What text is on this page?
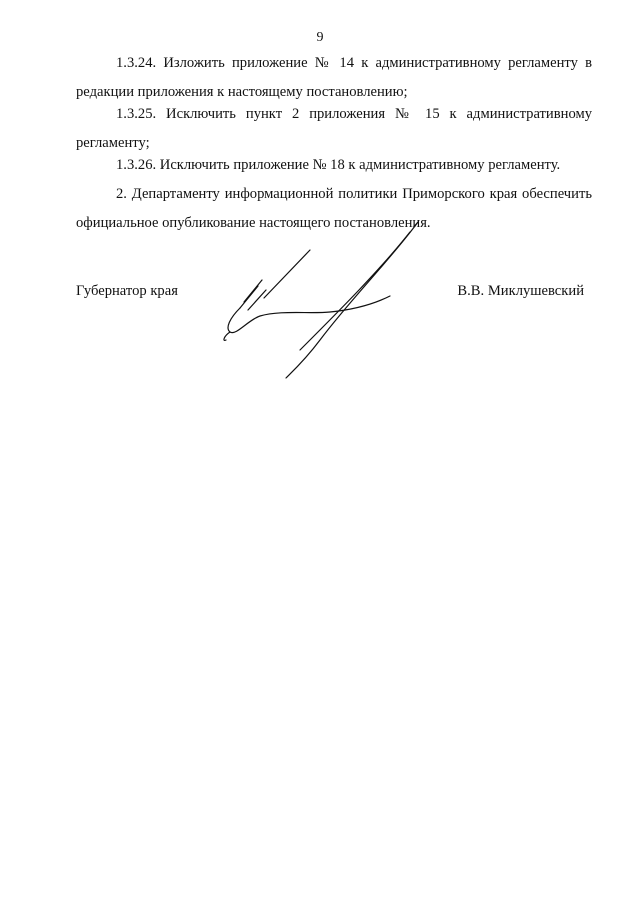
9

1.3.24. Изложить приложение № 14 к административному регламенту в редакции приложения к настоящему постановлению;

1.3.25. Исключить пункт 2 приложения № 15 к административному регламенту;

1.3.26. Исключить приложение № 18 к административному регламенту.

2. Департаменту информационной политики Приморского края обеспечить официальное опубликование настоящего постановления.

Губернатор края	В.В. Миклушевский
